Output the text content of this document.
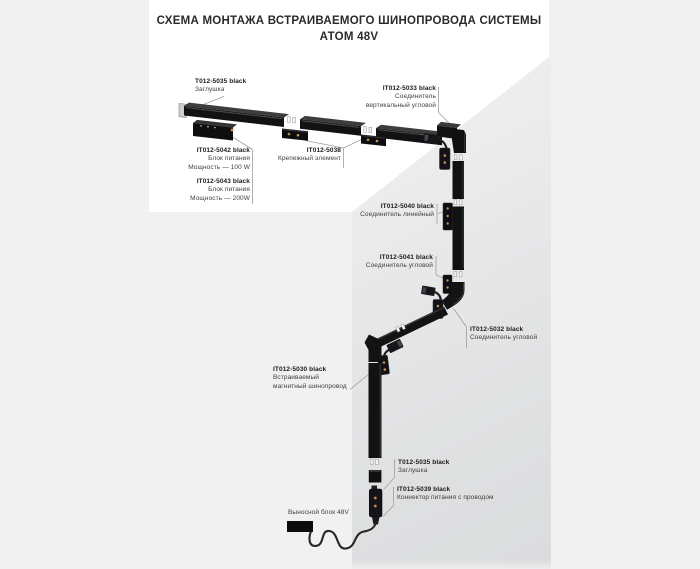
СХЕМА МОНТАЖА ВСТРАИВАЕМОГО ШИНОПРОВОДА СИСТЕМЫ АТОМ 48V
T012-5035 black
Заглушка
IT012-5042 black
Блок питания
Мощность — 100 W
IT012-5043 black
Блок питания
Мощность — 200W
IT012-5038
Крепежный элемент
IT012-5033 black
Соединитель
вертикальный угловой
IT012-5040 black
Соединитель линейный
IT012-5041 black
Соединитель угловой
IT012-5032 black
Соединитель угловой
IT012-5030 black
Встраиваемый
магнитный шинопровод
T012-5035 black
Заглушка
IT012-5039 black
Коннектор питания с проводом
Выносной блок 48V
